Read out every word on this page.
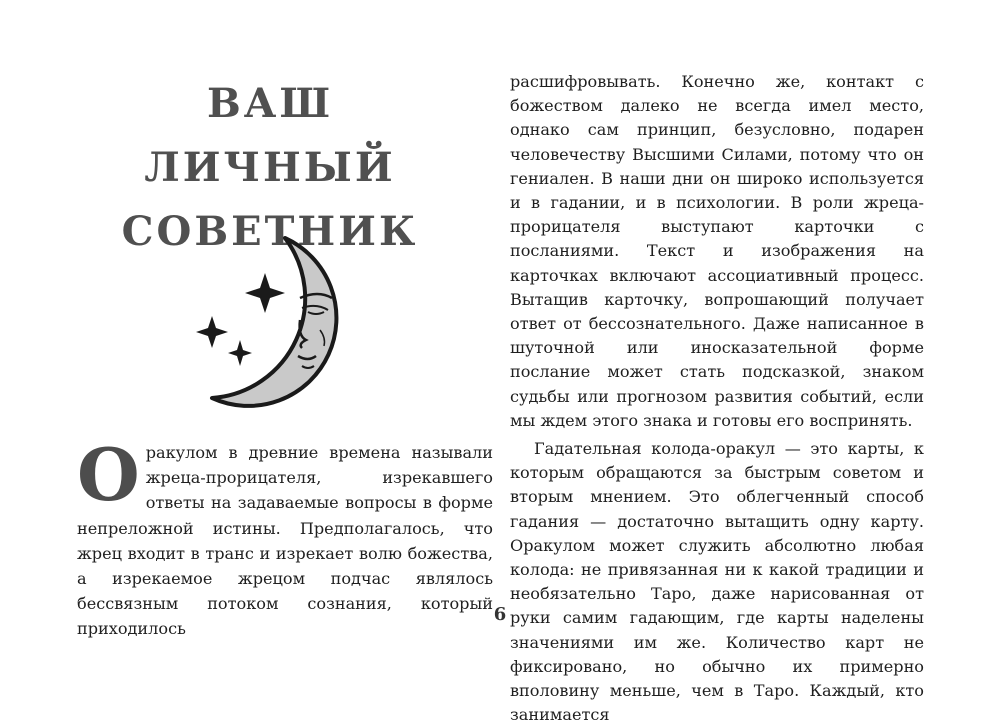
ВАШ ЛИЧНЫЙ
СОВЕТНИК
О ракулом в древние времена называли жреца-прорицателя, изрекавшего ответы на задаваемые вопросы в форме непреложной истины. Предполагалось, что жрец входит в транс и изрекает волю божества, а изрекаемое жрецом подчас являлось бессвязным потоком сознания, который приходилось

расшифровывать. Конечно же, контакт с божеством далеко не всегда имел место, однако сам принцип, безусловно, подарен человечеству Высшими Силами, потому что он гениален. В наши дни он широко используется и в гадании, и в психологии. В роли жреца-прорицателя выступают карточки с посланиями. Текст и изображения на карточках включают ассоциативный процесс. Вытащив карточку, вопрошающий получает ответ от бессознательного. Даже написанное в шуточной или иносказательной форме послание может стать подсказкой, знаком судьбы или прогнозом развития событий, если мы ждем этого знака и готовы его воспринять.

Гадательная колода-оракул — это карты, к которым обращаются за быстрым советом и вторым мнением. Это облегченный способ гадания — достаточно вытащить одну карту. Оракулом может служить абсолютно любая колода: не привязанная ни к какой традиции и необязательно Таро, даже нарисованная от руки самим гадающим, где карты наделены значениями им же. Количество карт не фиксировано, но обычно их примерно вполовину меньше, чем в Таро. Каждый, кто занимается

6
